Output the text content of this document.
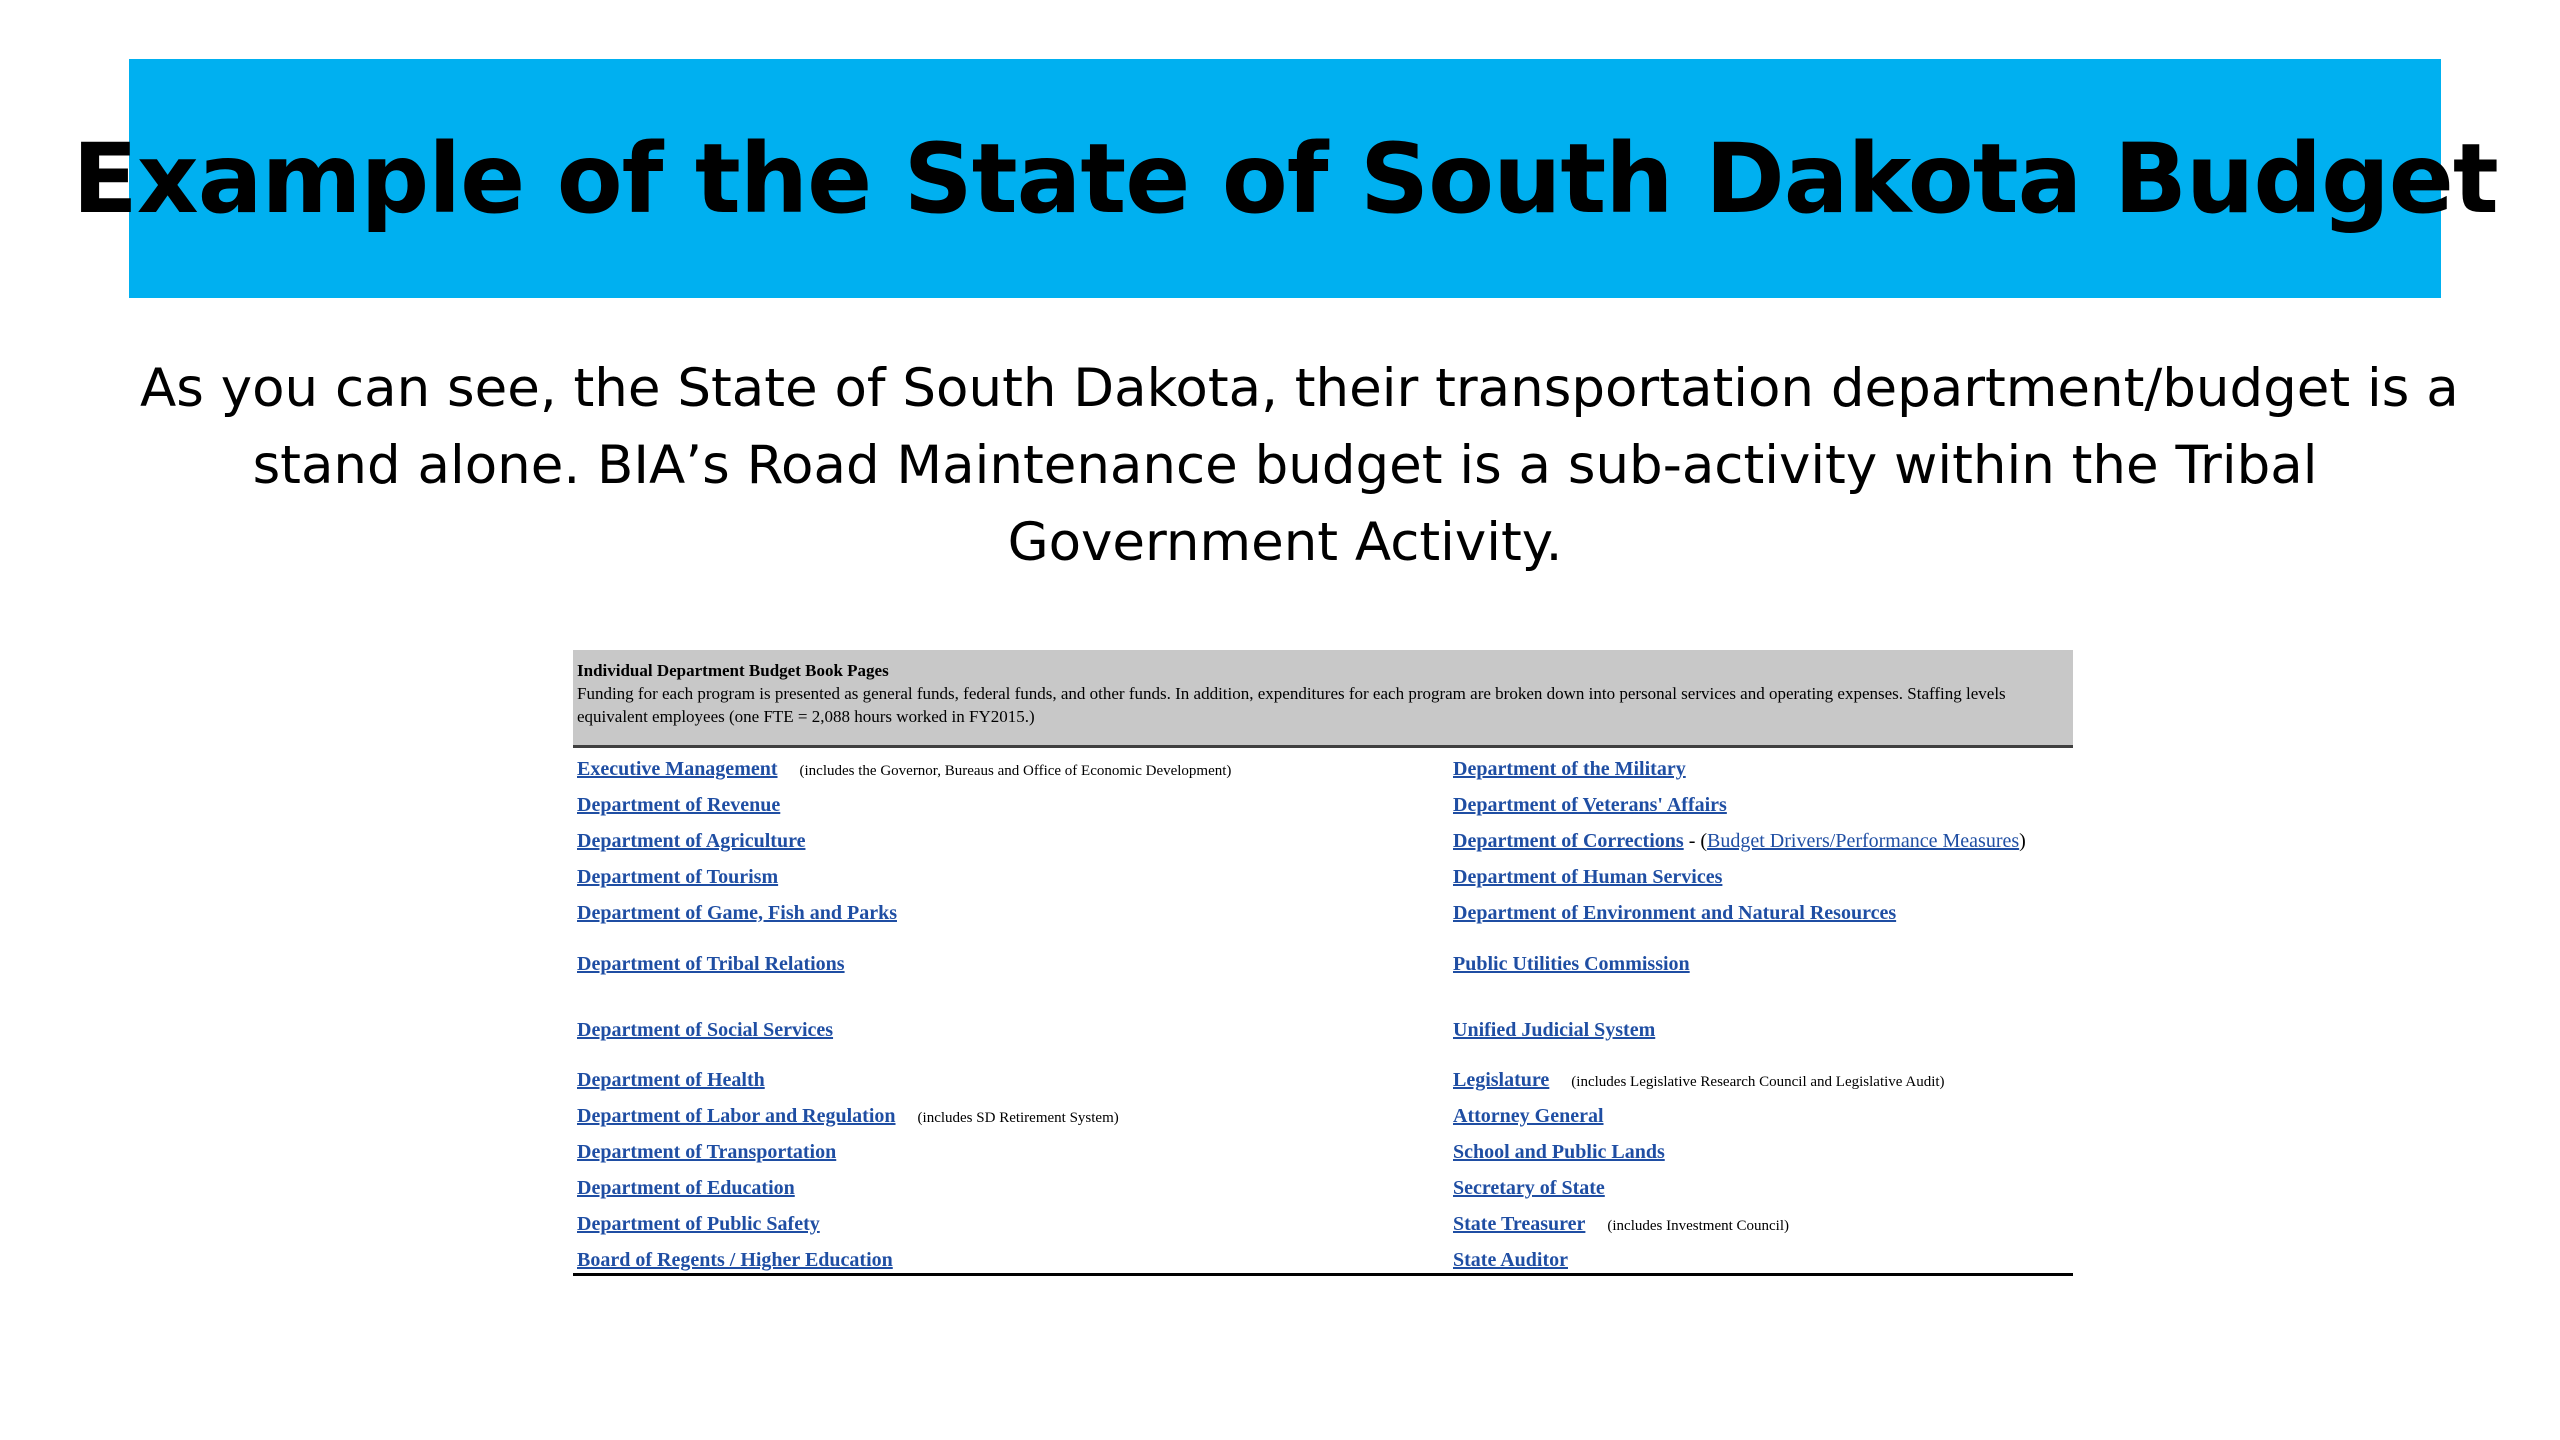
Example of the State of South Dakota Budget
As you can see, the State of South Dakota, their transportation department/budget is a
stand alone. BIA’s Road Maintenance budget is a sub-activity within the Tribal
Government Activity.
Individual Department Budget Book Pages
Funding for each program is presented as general funds, federal funds, and other funds. In addition, expenditures for each program are broken down into personal services and operating expenses. Staffing levels
equivalent employees (one FTE = 2,088 hours worked in FY2015.)
Executive Management (includes the Governor, Bureaus and Office of Economic Development)
Department of Revenue
Department of Agriculture
Department of Tourism
Department of Game, Fish and Parks
Department of Tribal Relations
Department of Social Services
Department of Health
Department of Labor and Regulation (includes SD Retirement System)
Department of Transportation
Department of Education
Department of Public Safety
Board of Regents / Higher Education
Department of the Military
Department of Veterans' Affairs
Department of Corrections - (Budget Drivers/Performance Measures)
Department of Human Services
Department of Environment and Natural Resources
Public Utilities Commission
Unified Judicial System
Legislature (includes Legislative Research Council and Legislative Audit)
Attorney General
School and Public Lands
Secretary of State
State Treasurer (includes Investment Council)
State Auditor
